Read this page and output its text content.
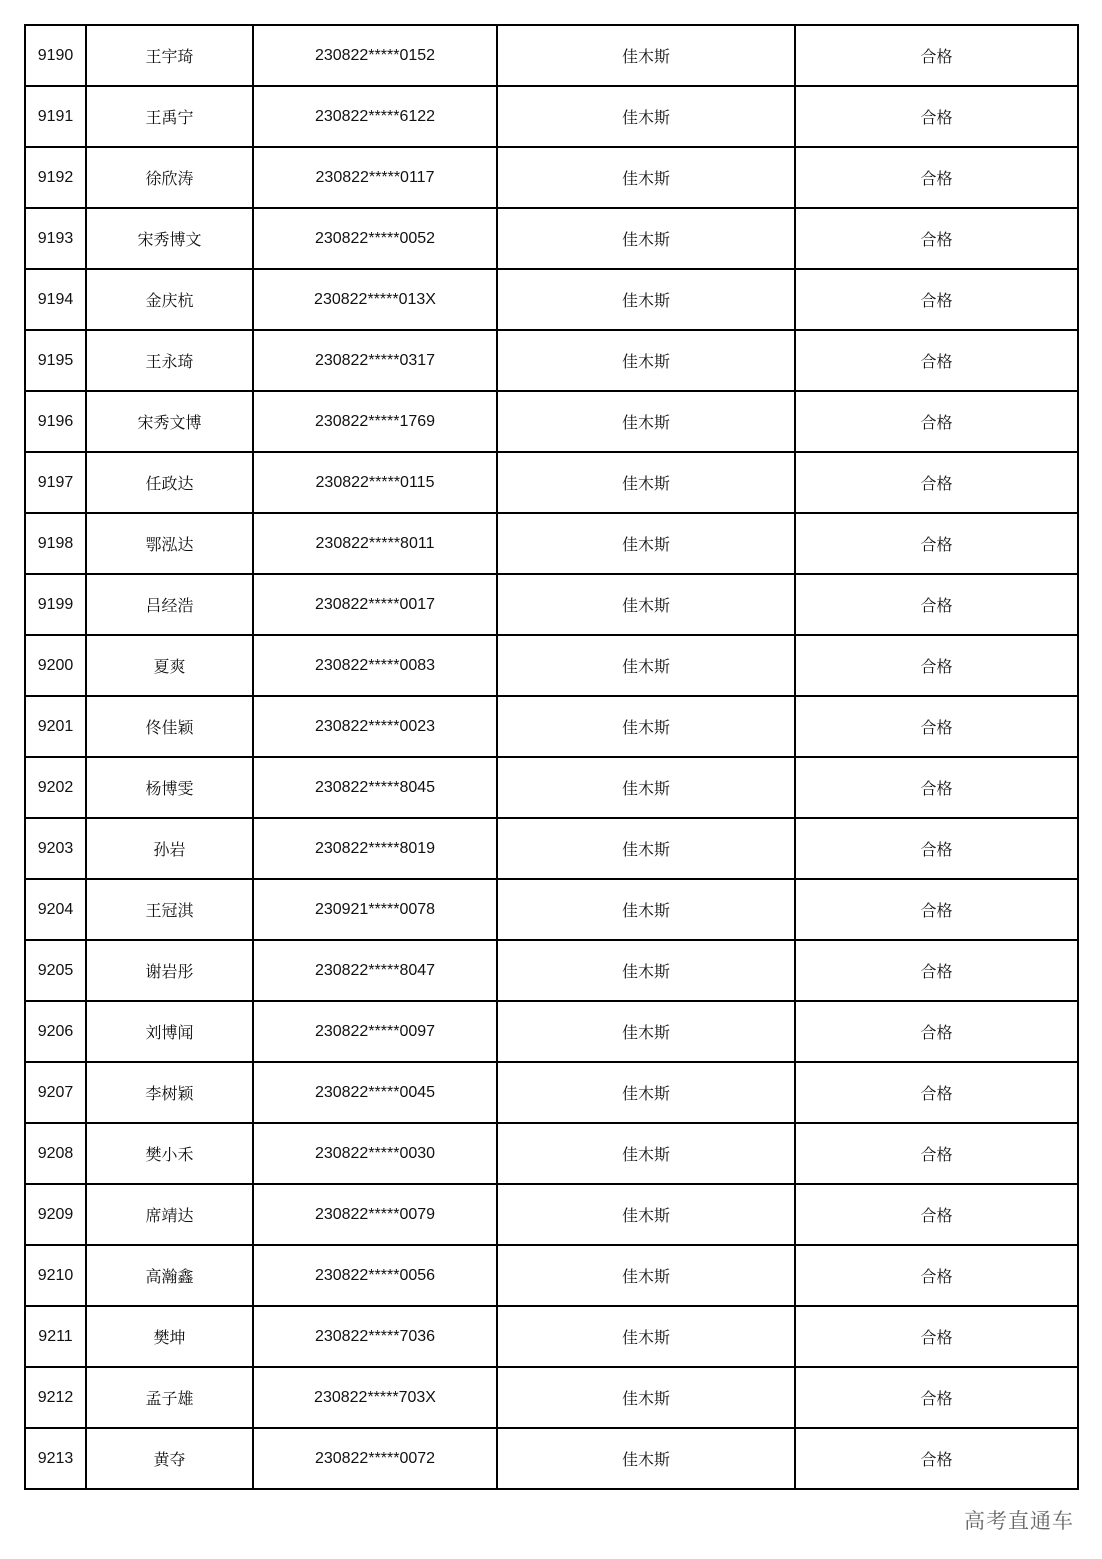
9190	王宇琦	230822*****0152	佳木斯	合格
9191	王禹宁	230822*****6122	佳木斯	合格
9192	徐欣涛	230822*****0117	佳木斯	合格
9193	宋秀博文	230822*****0052	佳木斯	合格
9194	金庆杭	230822*****013X	佳木斯	合格
9195	王永琦	230822*****0317	佳木斯	合格
9196	宋秀文博	230822*****1769	佳木斯	合格
9197	任政达	230822*****0115	佳木斯	合格
9198	鄂泓达	230822*****8011	佳木斯	合格
9199	吕经浩	230822*****0017	佳木斯	合格
9200	夏爽	230822*****0083	佳木斯	合格
9201	佟佳颖	230822*****0023	佳木斯	合格
9202	杨博雯	230822*****8045	佳木斯	合格
9203	孙岩	230822*****8019	佳木斯	合格
9204	王冠淇	230921*****0078	佳木斯	合格
9205	谢岩彤	230822*****8047	佳木斯	合格
9206	刘博闻	230822*****0097	佳木斯	合格
9207	李树颖	230822*****0045	佳木斯	合格
9208	樊小禾	230822*****0030	佳木斯	合格
9209	席靖达	230822*****0079	佳木斯	合格
9210	高瀚鑫	230822*****0056	佳木斯	合格
9211	樊坤	230822*****7036	佳木斯	合格
9212	孟子雄	230822*****703X	佳木斯	合格
9213	黄夺	230822*****0072	佳木斯	合格
高考直通车
